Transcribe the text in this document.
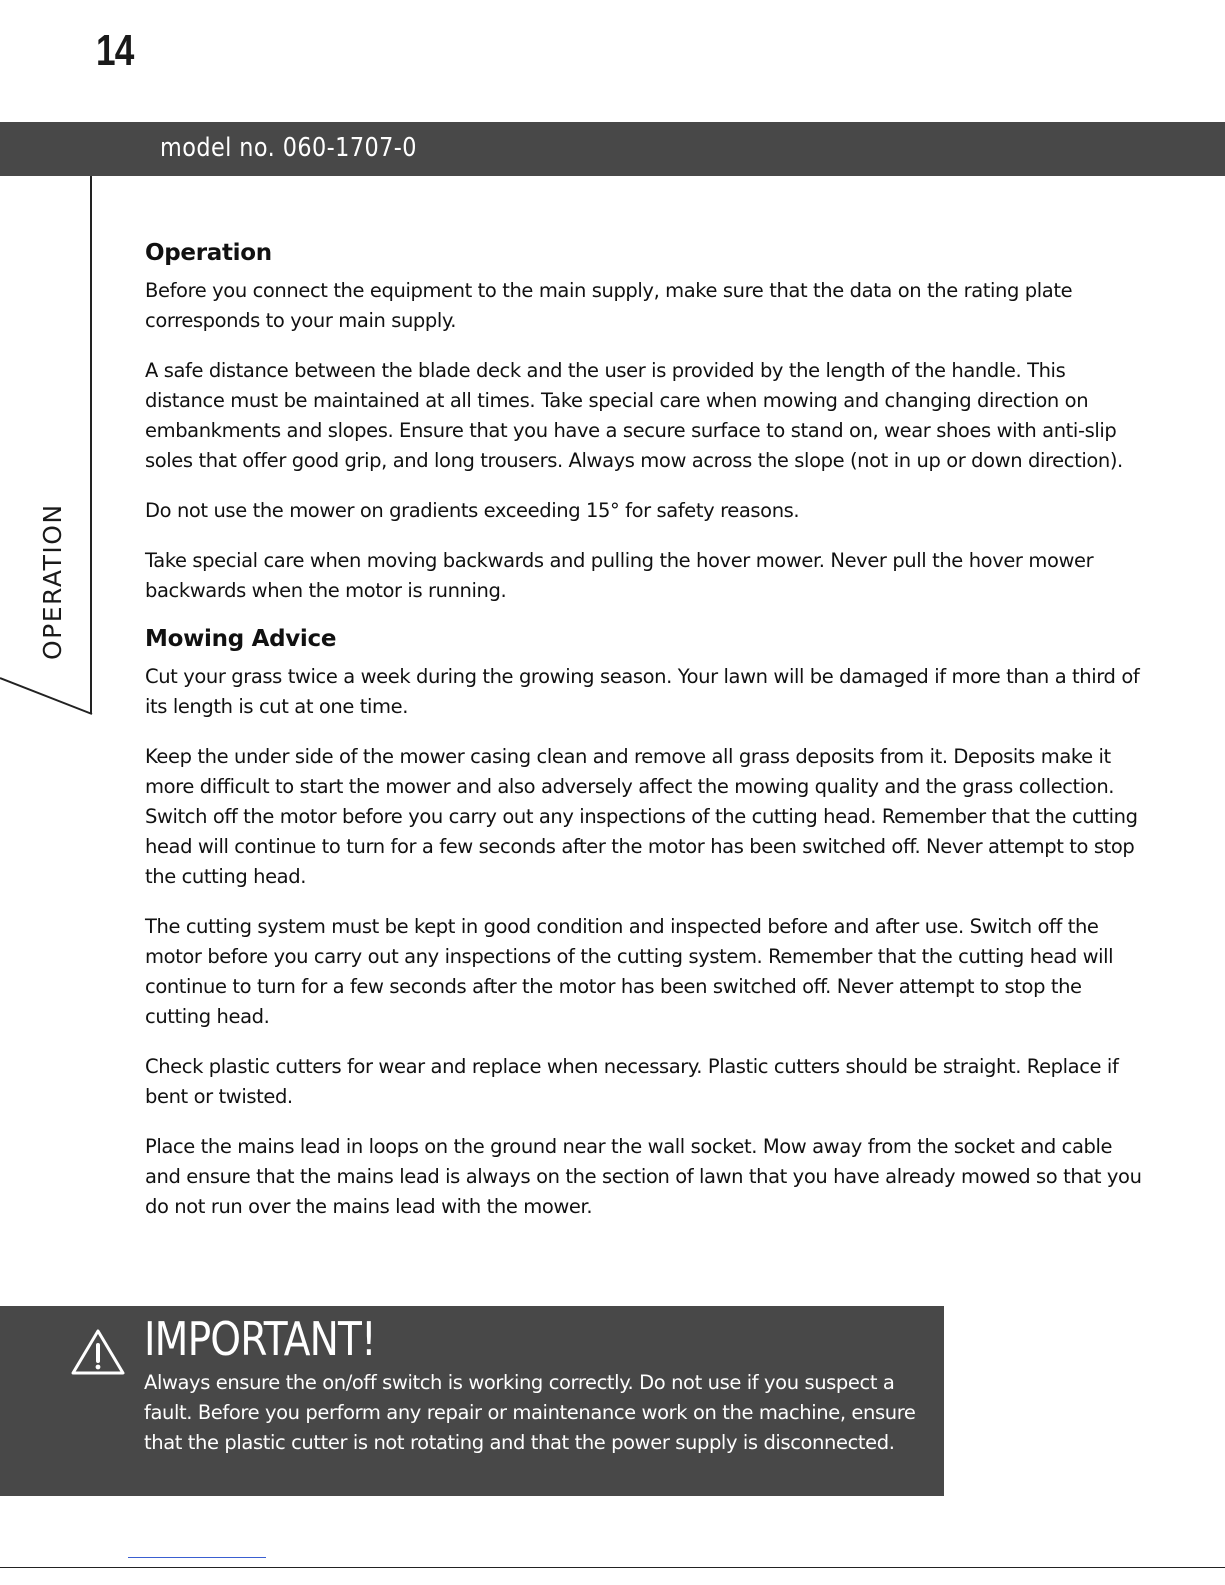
14
model no. 060-1707-0
OPERATION
Operation

Before you connect the equipment to the main supply, make sure that the data on the rating plate corresponds to your main supply.

A safe distance between the blade deck and the user is provided by the length of the handle. This distance must be maintained at all times. Take special care when mowing and changing direction on embankments and slopes. Ensure that you have a secure surface to stand on, wear shoes with anti-slip soles that offer good grip, and long trousers. Always mow across the slope (not in up or down direction).

Do not use the mower on gradients exceeding 15° for safety reasons.

Take special care when moving backwards and pulling the hover mower. Never pull the hover mower backwards when the motor is running.

Mowing Advice

Cut your grass twice a week during the growing season. Your lawn will be damaged if more than a third of its length is cut at one time.

Keep the under side of the mower casing clean and remove all grass deposits from it. Deposits make it more difficult to start the mower and also adversely affect the mowing quality and the grass collection. Switch off the motor before you carry out any inspections of the cutting head. Remember that the cutting head will continue to turn for a few seconds after the motor has been switched off. Never attempt to stop the cutting head.

The cutting system must be kept in good condition and inspected before and after use. Switch off the motor before you carry out any inspections of the cutting system. Remember that the cutting head will continue to turn for a few seconds after the motor has been switched off. Never attempt to stop the cutting head.

Check plastic cutters for wear and replace when necessary. Plastic cutters should be straight. Replace if bent or twisted.

Place the mains lead in loops on the ground near the wall socket. Mow away from the socket and cable and ensure that the mains lead is always on the section of lawn that you have already mowed so that you do not run over the mains lead with the mower.

IMPORTANT!

Always ensure the on/off switch is working correctly. Do not use if you suspect a fault. Before you perform any repair or maintenance work on the machine, ensure that the plastic cutter is not rotating and that the power supply is disconnected.
